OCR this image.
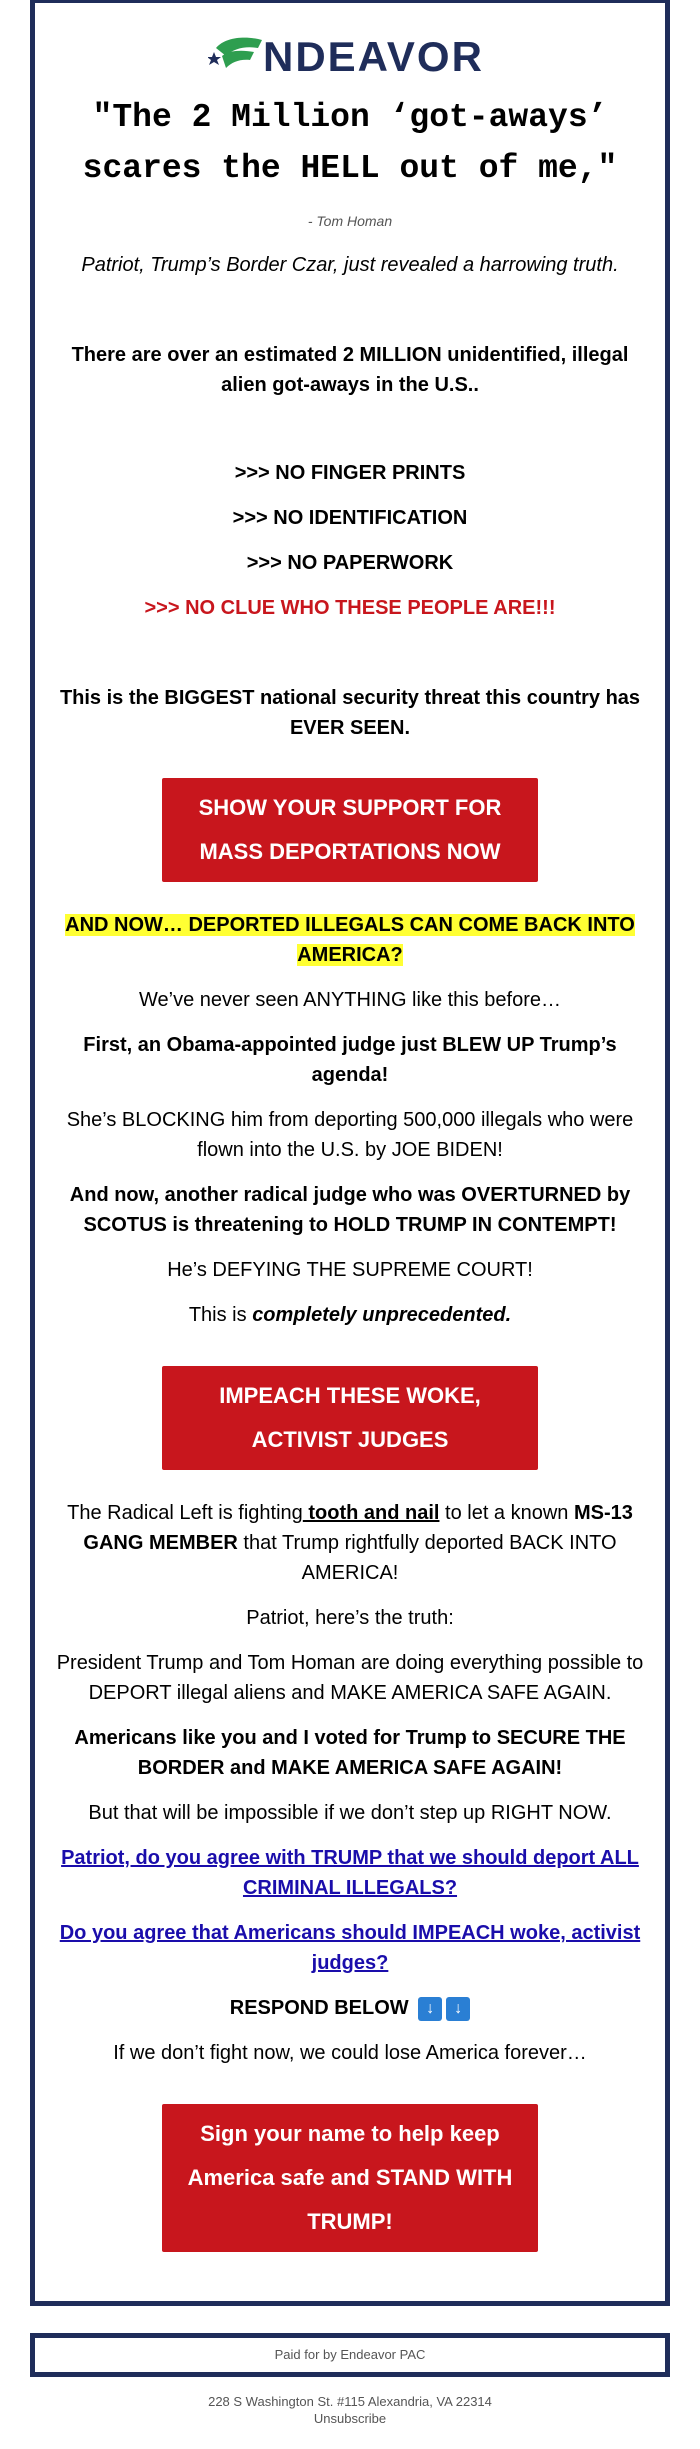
NDEAVOR
"The 2 Million ‘got-aways’
scares the HELL out of me,"
- Tom Homan
Patriot, Trump’s Border Czar, just revealed a harrowing truth.
There are over an estimated 2 MILLION unidentified, illegal alien got-aways in the U.S..
>>> NO FINGER PRINTS
>>> NO IDENTIFICATION
>>> NO PAPERWORK
>>> NO CLUE WHO THESE PEOPLE ARE!!!
This is the BIGGEST national security threat this country has EVER SEEN.
SHOW YOUR SUPPORT FOR
MASS DEPORTATIONS NOW
AND NOW… DEPORTED ILLEGALS CAN COME BACK INTO AMERICA?
We’ve never seen ANYTHING like this before…
First, an Obama-appointed judge just BLEW UP Trump’s agenda!
She’s BLOCKING him from deporting 500,000 illegals who were flown into the U.S. by JOE BIDEN!
And now, another radical judge who was OVERTURNED by SCOTUS is threatening to HOLD TRUMP IN CONTEMPT!
He’s DEFYING THE SUPREME COURT!
This is completely unprecedented.
IMPEACH THESE WOKE,
ACTIVIST JUDGES
The Radical Left is fighting tooth and nail to let a known MS-13 GANG MEMBER that Trump rightfully deported BACK INTO AMERICA!
Patriot, here’s the truth:
President Trump and Tom Homan are doing everything possible to DEPORT illegal aliens and MAKE AMERICA SAFE AGAIN.
Americans like you and I voted for Trump to SECURE THE BORDER and MAKE AMERICA SAFE AGAIN!
But that will be impossible if we don’t step up RIGHT NOW.
Patriot, do you agree with TRUMP that we should deport ALL CRIMINAL ILLEGALS?
Do you agree that Americans should IMPEACH woke, activist judges?
RESPOND BELOW ↓ ↓
If we don’t fight now, we could lose America forever…
Sign your name to help keep
America safe and STAND WITH
TRUMP!
Paid for by Endeavor PAC
228 S Washington St. #115 Alexandria, VA 22314
Unsubscribe
